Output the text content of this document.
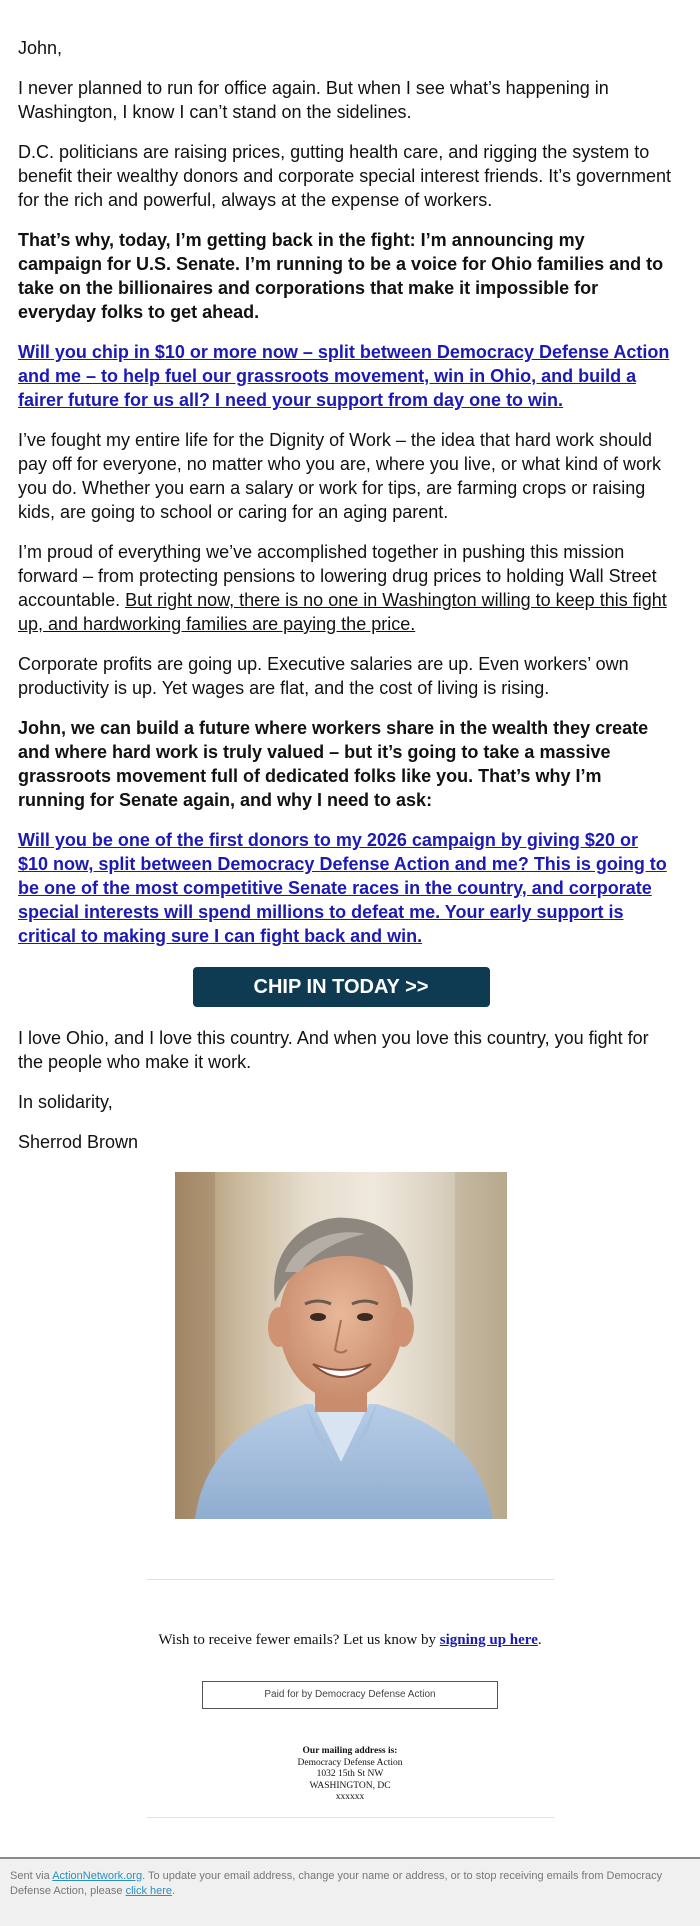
John,

I never planned to run for office again. But when I see what’s happening in Washington, I know I can’t stand on the sidelines.

D.C. politicians are raising prices, gutting health care, and rigging the system to benefit their wealthy donors and corporate special interest friends. It’s government for the rich and powerful, always at the expense of workers.

That’s why, today, I’m getting back in the fight: I’m announcing my campaign for U.S. Senate. I’m running to be a voice for Ohio families and to take on the billionaires and corporations that make it impossible for everyday folks to get ahead.

Will you chip in $10 or more now – split between Democracy Defense Action and me – to help fuel our grassroots movement, win in Ohio, and build a fairer future for us all? I need your support from day one to win.

I’ve fought my entire life for the Dignity of Work – the idea that hard work should pay off for everyone, no matter who you are, where you live, or what kind of work you do. Whether you earn a salary or work for tips, are farming crops or raising kids, are going to school or caring for an aging parent.

I’m proud of everything we’ve accomplished together in pushing this mission forward – from protecting pensions to lowering drug prices to holding Wall Street accountable. But right now, there is no one in Washington willing to keep this fight up, and hardworking families are paying the price.

Corporate profits are going up. Executive salaries are up. Even workers’ own productivity is up. Yet wages are flat, and the cost of living is rising.

John, we can build a future where workers share in the wealth they create and where hard work is truly valued – but it’s going to take a massive grassroots movement full of dedicated folks like you. That’s why I’m running for Senate again, and why I need to ask:

Will you be one of the first donors to my 2026 campaign by giving $20 or $10 now, split between Democracy Defense Action and me? This is going to be one of the most competitive Senate races in the country, and corporate special interests will spend millions to defeat me. Your early support is critical to making sure I can fight back and win.

CHIP IN TODAY >>

I love Ohio, and I love this country. And when you love this country, you fight for the people who make it work.

In solidarity,

Sherrod Brown

Wish to receive fewer emails? Let us know by signing up here.
Paid for by Democracy Defense Action
Our mailing address is:
Democracy Defense Action
1032 15th St NW
WASHINGTON, DC
xxxxxx
Sent via ActionNetwork.org. To update your email address, change your name or address, or to stop receiving emails from Democracy Defense Action, please click here.
